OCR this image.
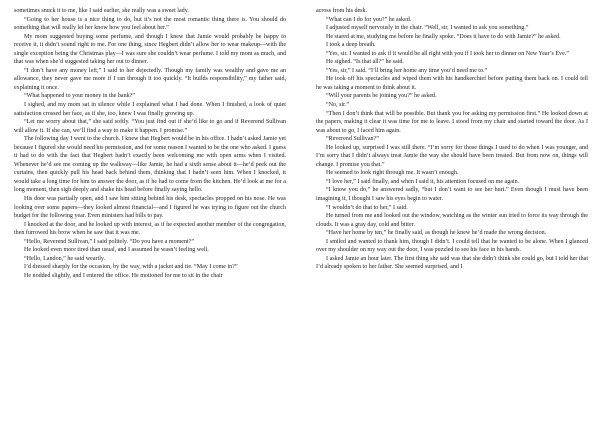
sometimes snuck it to me, like I said earlier, she really was a sweet lady.

“Going to her house is a nice thing to do, but it’s not the most romantic thing there is. You should do something that will really let her know how you feel about her.”

My mom suggested buying some perfume, and though I knew that Jamie would probably be happy to receive it, it didn’t sound right to me. For one thing, since Hegbert didn’t allow her to wear makeup—with the single exception being the Christmas play—I was sure she couldn’t wear perfume. I told my mom as much, and that was when she’d suggested taking her out to dinner.

“I don’t have any money left,” I said to her dejectedly. Though my family was wealthy and gave me an allowance, they never gave me more if I ran through it too quickly. “It builds responsibility,” my father said, explaining it once.

“What happened to your money in the bank?”

I sighed, and my mom sat in silence while I explained what I had done. When I finished, a look of quiet satisfaction crossed her face, as if she, too, knew I was finally growing up.

“Let me worry about that,” she said softly. “You just find out if she’d like to go and if Reverend Sullivan will allow it. If she can, we’ll find a way to make it happen. I promise.”

The following day I went to the church. I knew that Hegbert would be in his office. I hadn’t asked Jamie yet because I figured she would need his permission, and for some reason I wanted to be the one who asked. I guess it had to do with the fact that Hegbert hadn’t exactly been welcoming me with open arms when I visited. Whenever he’d see me coming up the walkway—like Jamie, he had a sixth sense about it—he’d peek out the curtains, then quickly pull his head back behind them, thinking that I hadn’t seen him. When I knocked, it would take a long time for him to answer the door, as if he had to come from the kitchen. He’d look at me for a long moment, then sigh deeply and shake his head before finally saying hello.

His door was partially open, and I saw him sitting behind his desk, spectacles propped on his nose. He was looking over some papers—they looked almost financial—and I figured he was trying to figure out the church budget for the following year. Even ministers had bills to pay.

I knocked at the door, and he looked up with interest, as if he expected another member of the congregation, then furrowed his brow when he saw that it was me.

“Hello, Reverend Sullivan,” I said politely. “Do you have a moment?”

He looked even more tired than usual, and I assumed he wasn’t feeling well.

“Hello, Landon,” he said wearily.

I’d dressed sharply for the occasion, by the way, with a jacket and tie. “May I come in?”

He nodded slightly, and I entered the office. He motioned for me to sit in the chair

across from his desk.

“What can I do for you?” he asked.

I adjusted myself nervously in the chair. “Well, sir, I wanted to ask you something.”

He stared at me, studying me before he finally spoke. “Does it have to do with Jamie?” he asked.

I took a deep breath.

“Yes, sir. I wanted to ask if it would be all right with you if I took her to dinner on New Year’s Eve.”

He sighed. “Is that all?” he said.

“Yes, sir,” I said. “I’ll bring her home any time you’d need me to.”

He took off his spectacles and wiped them with his handkerchief before putting them back on. I could tell he was taking a moment to think about it.

“Will your parents be joining you?” he asked.

“No, sir.”

“Then I don’t think that will be possible. But thank you for asking my permission first.” He looked down at the papers, making it clear it was time for me to leave. I stood from my chair and started toward the door. As I was about to go, I faced him again.

“Reverend Sullivan?”

He looked up, surprised I was still there. “I’m sorry for those things I used to do when I was younger, and I’m sorry that I didn’t always treat Jamie the way she should have been treated. But from now on, things will change. I promise you that.”

He seemed to look right through me. It wasn’t enough.

“I love her,” I said finally, and when I said it, his attention focused on me again.

“I know you do,” he answered sadly, “but I don’t want to see her hurt.” Even though I must have been imagining it, I thought I saw his eyes begin to water.

“I wouldn’t do that to her,” I said.

He turned from me and looked out the window, watching as the winter sun tried to force its way through the clouds. It was a gray day, cold and bitter.

“Have her home by ten,” he finally said, as though he knew he’d made the wrong decision.

I smiled and wanted to thank him, though I didn’t. I could tell that he wanted to be alone. When I glanced over my shoulder on my way out the door, I was puzzled to see his face in his hands.

I asked Jamie an hour later. The first thing she said was that she didn’t think she could go, but I told her that I’d already spoken to her father. She seemed surprised, and I
